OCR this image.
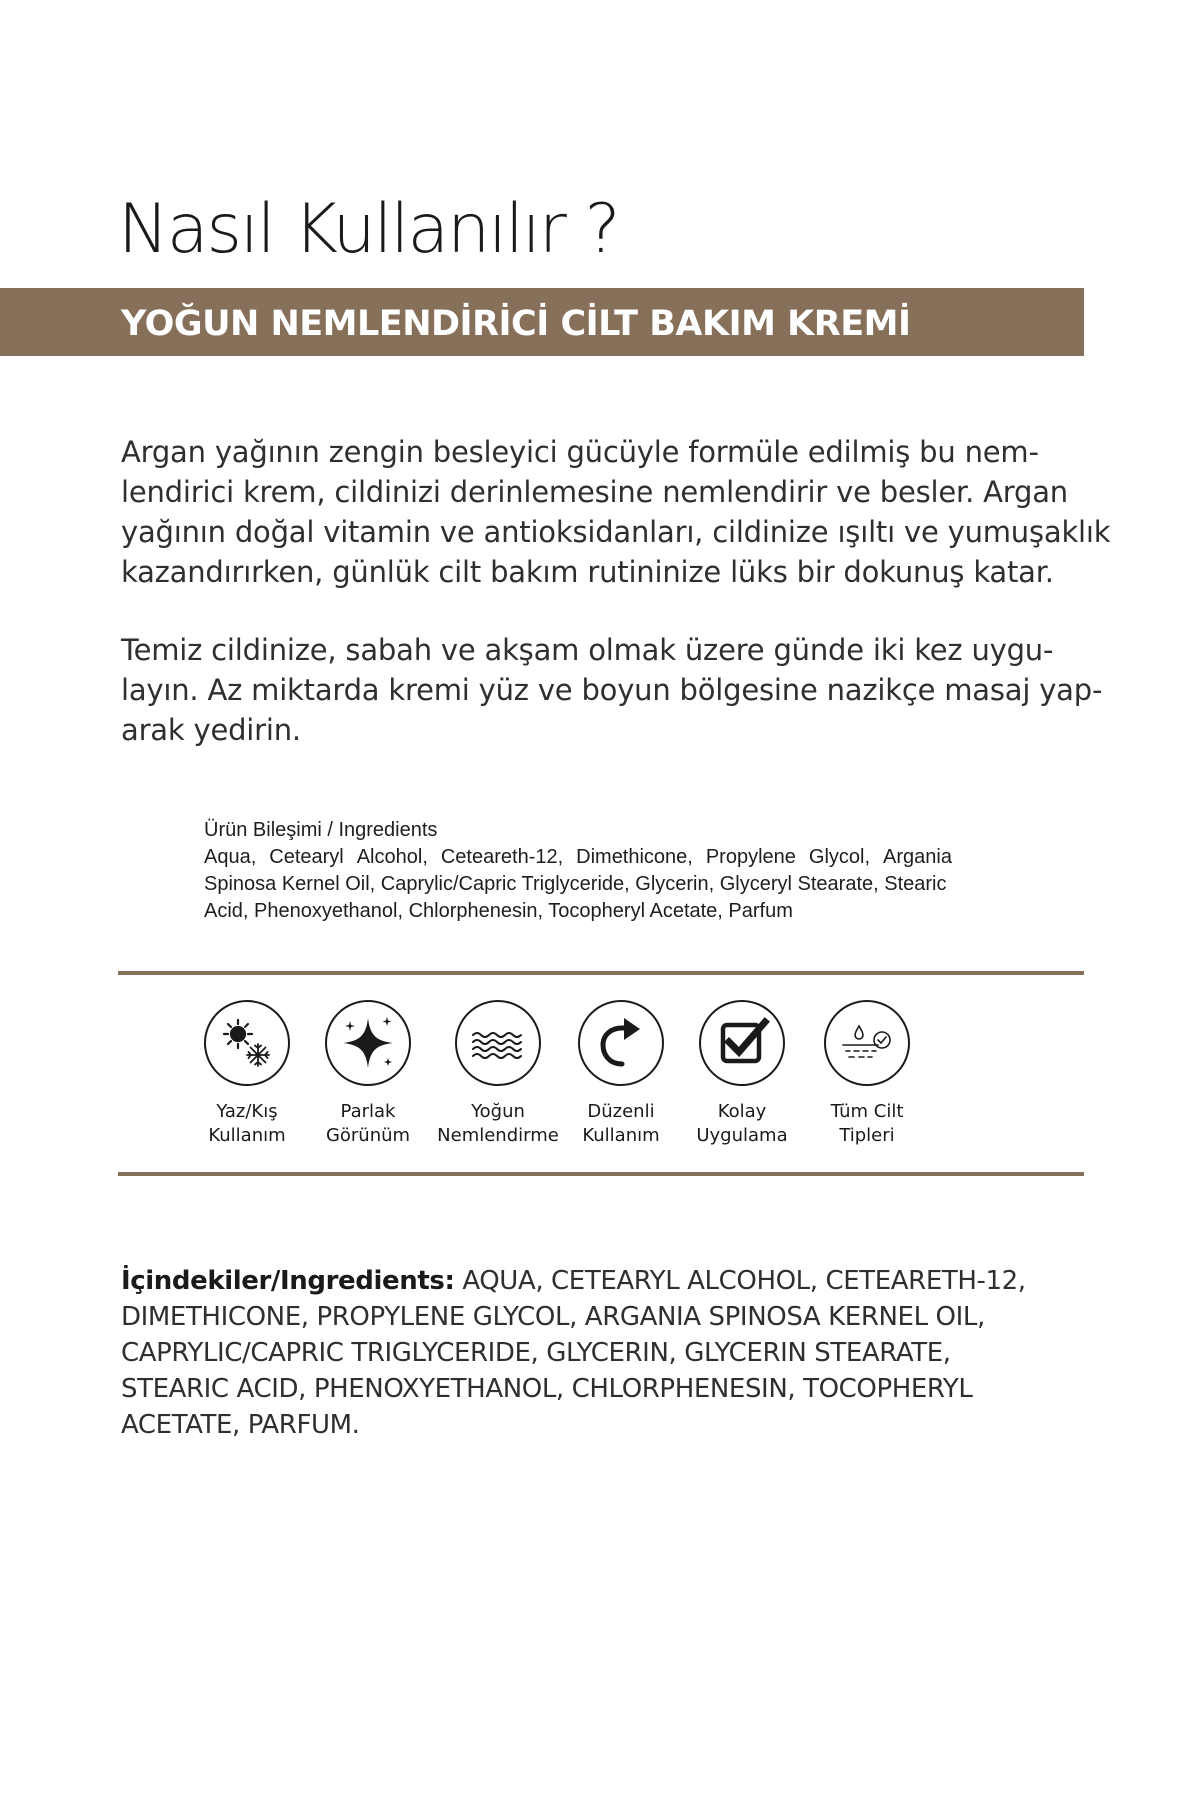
Nasıl Kullanılır ?

YOĞUN NEMLENDİRİCİ CİLT BAKIM KREMİ

Argan yağının zengin besleyici gücüyle formüle edilmiş bu nem-
lendirici krem, cildinizi derinlemesine nemlendirir ve besler. Argan
yağının doğal vitamin ve antioksidanları, cildinize ışıltı ve yumuşaklık
kazandırırken, günlük cilt bakım rutininize lüks bir dokunuş katar.

Temiz cildinize, sabah ve akşam olmak üzere günde iki kez uygu-
layın. Az miktarda kremi yüz ve boyun bölgesine nazikçe masaj yap-
arak yedirin.

Ürün Bileşimi / Ingredients
Aqua, Cetearyl Alcohol, Ceteareth-12, Dimethicone, Propylene Glycol, Argania
Spinosa Kernel Oil, Caprylic/Capric Triglyceride, Glycerin, Glyceryl Stearate, Stearic
Acid, Phenoxyethanol, Chlorphenesin, Tocopheryl Acetate, Parfum
Yaz/Kış
Kullanım
Parlak
Görünüm
Yoğun
Nemlendirme
Düzenli
Kullanım
Kolay
Uygulama
Tüm Cilt
Tipleri

İçindekiler/Ingredients: AQUA, CETEARYL ALCOHOL, CETEARETH-12,
DIMETHICONE, PROPYLENE GLYCOL, ARGANIA SPINOSA KERNEL OIL,
CAPRYLIC/CAPRIC TRIGLYCERIDE, GLYCERIN, GLYCERIN STEARATE,
STEARIC ACID, PHENOXYETHANOL, CHLORPHENESIN, TOCOPHERYL
ACETATE, PARFUM.
